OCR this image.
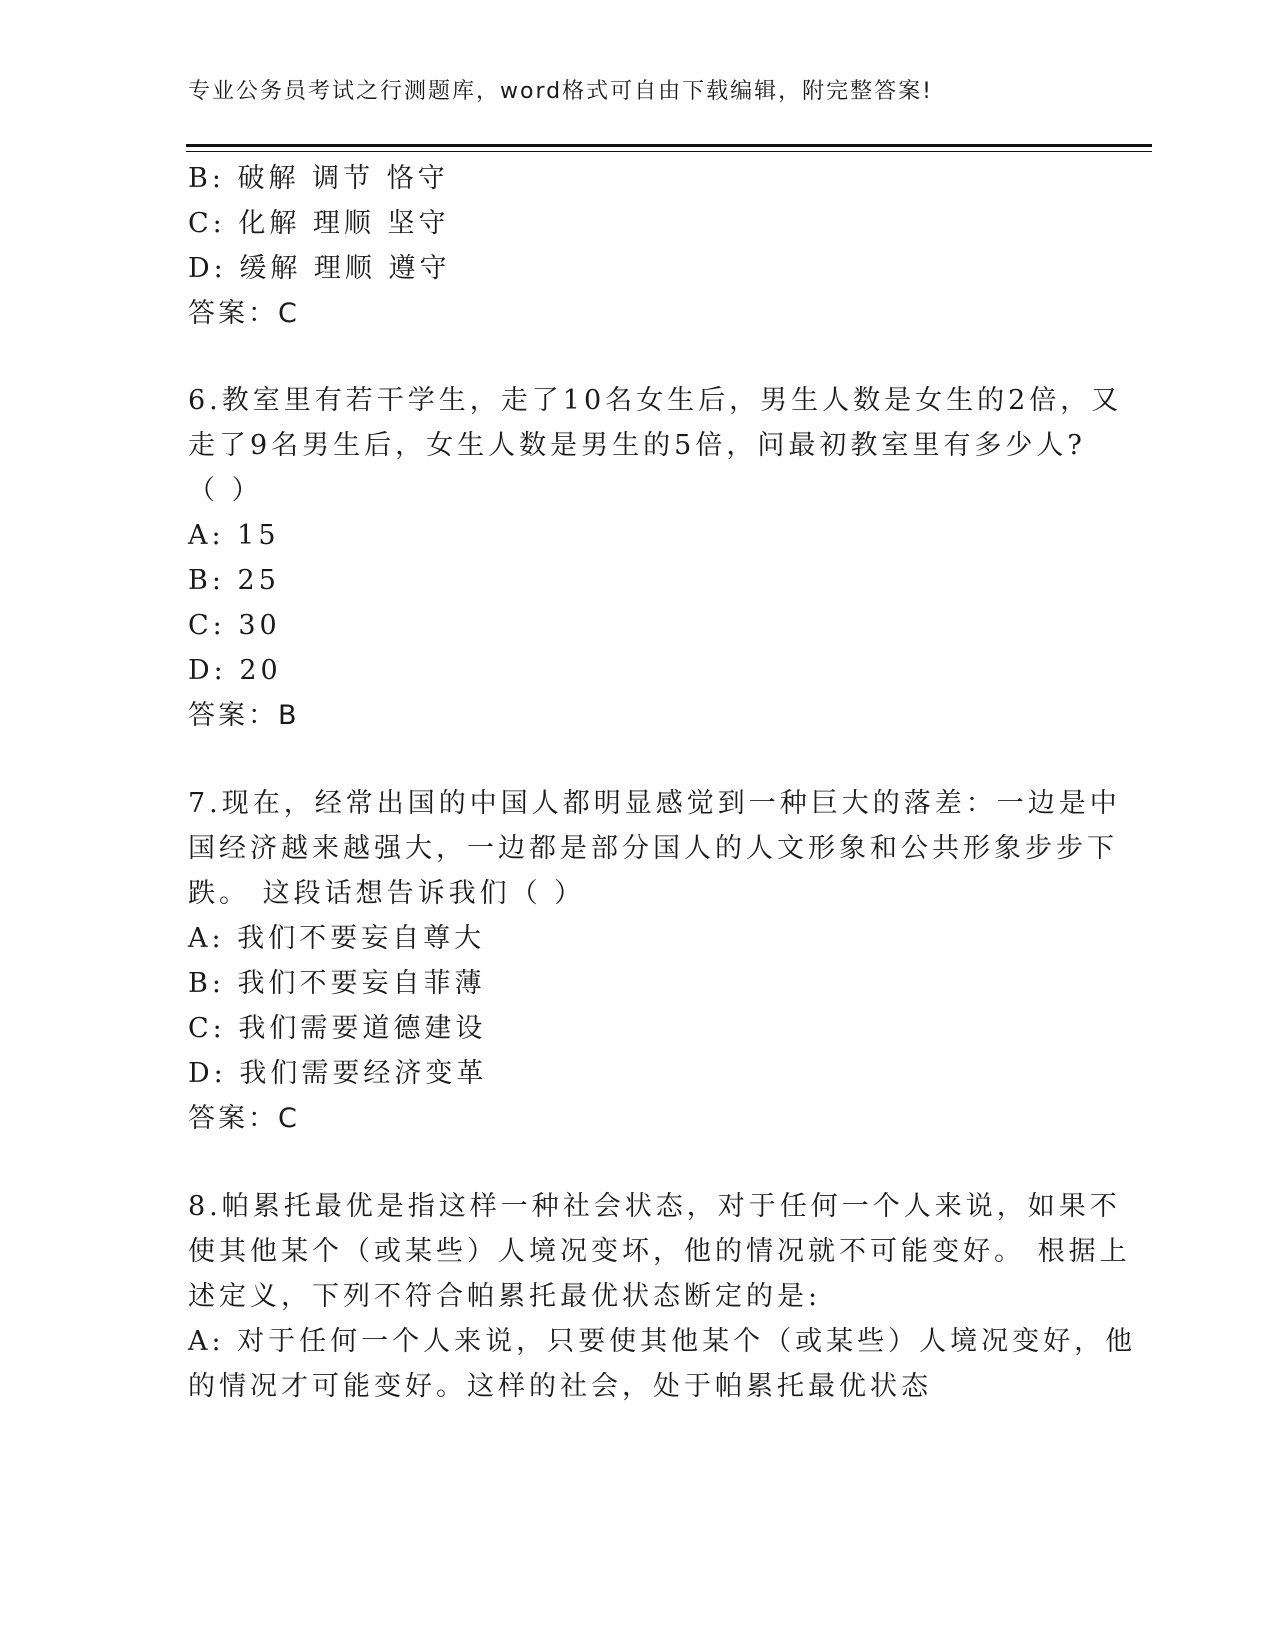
专业公务员考试之行测题库，word格式可自由下载编辑，附完整答案!
B: 破解 调节 恪守
C: 化解 理顺 坚守
D: 缓解 理顺 遵守
答案：C
6.教室里有若干学生，走了10名女生后，男生人数是女生的2倍，又
走了9名男生后，女生人数是男生的5倍，问最初教室里有多少人?
（ ）
A: 15
B: 25
C: 30
D: 20
答案：B
7.现在，经常出国的中国人都明显感觉到一种巨大的落差：一边是中
国经济越来越强大，一边都是部分国人的人文形象和公共形象步步下
跌。 这段话想告诉我们（ ）
A: 我们不要妄自尊大
B: 我们不要妄自菲薄
C: 我们需要道德建设
D: 我们需要经济变革
答案：C
8.帕累托最优是指这样一种社会状态，对于任何一个人来说，如果不
使其他某个（或某些）人境况变坏，他的情况就不可能变好。 根据上
述定义，下列不符合帕累托最优状态断定的是:
A: 对于任何一个人来说，只要使其他某个（或某些）人境况变好，他
的情况才可能变好。这样的社会，处于帕累托最优状态
